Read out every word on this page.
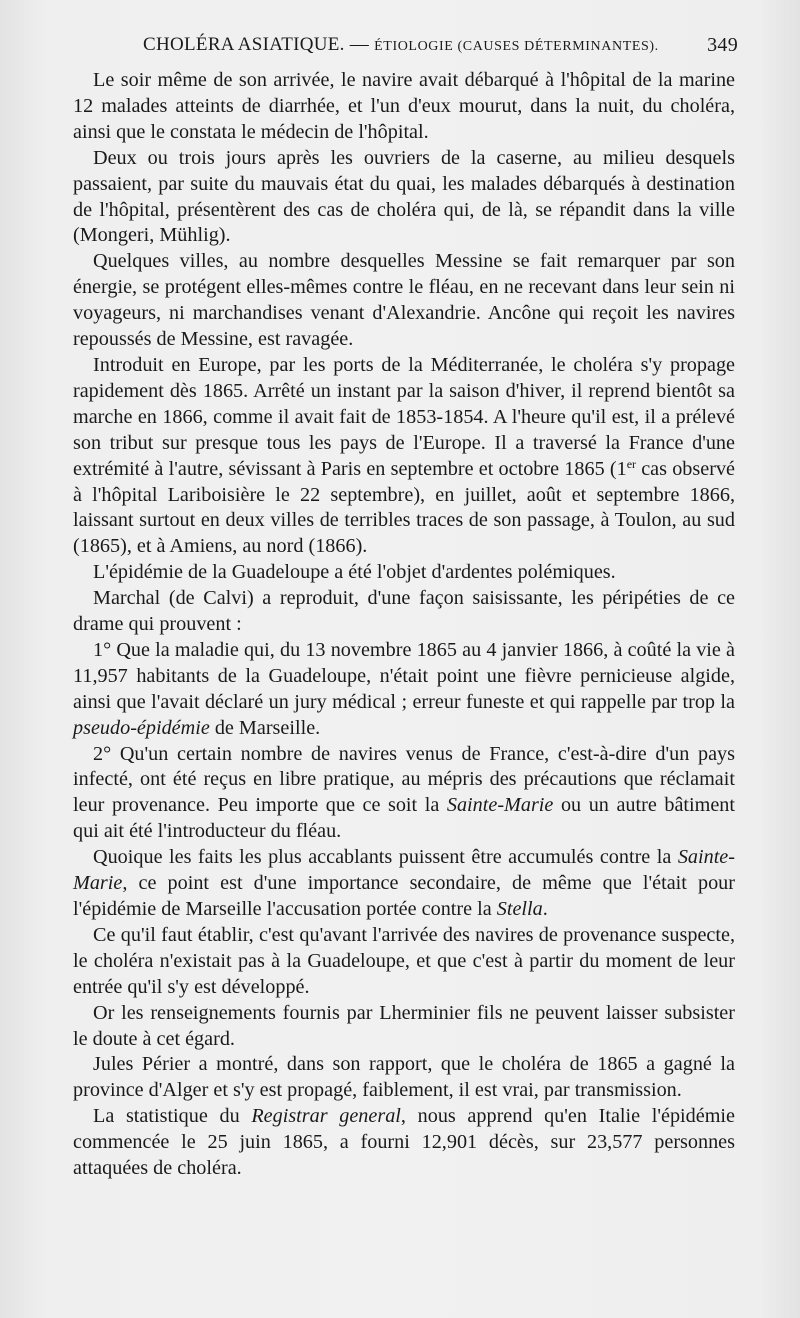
CHOLÉRA ASIATIQUE. — ÉTIOLOGIE (CAUSES DÉTERMINANTES). 349

Le soir même de son arrivée, le navire avait débarqué à l'hôpital de la marine 12 malades atteints de diarrhée, et l'un d'eux mourut, dans la nuit, du choléra, ainsi que le constata le médecin de l'hôpital.

Deux ou trois jours après les ouvriers de la caserne, au milieu desquels passaient, par suite du mauvais état du quai, les malades débarqués à destination de l'hôpital, présentèrent des cas de choléra qui, de là, se répandit dans la ville (Mongeri, Mühlig).

Quelques villes, au nombre desquelles Messine se fait remarquer par son énergie, se protégent elles-mêmes contre le fléau, en ne recevant dans leur sein ni voyageurs, ni marchandises venant d'Alexandrie. Ancône qui reçoit les navires repoussés de Messine, est ravagée.

Introduit en Europe, par les ports de la Méditerranée, le choléra s'y propage rapidement dès 1865. Arrêté un instant par la saison d'hiver, il reprend bientôt sa marche en 1866, comme il avait fait de 1853-1854. A l'heure qu'il est, il a prélevé son tribut sur presque tous les pays de l'Europe. Il a traversé la France d'une extrémité à l'autre, sévissant à Paris en septembre et octobre 1865 (1er cas observé à l'hôpital Lariboisière le 22 septembre), en juillet, août et septembre 1866, laissant surtout en deux villes de terribles traces de son passage, à Toulon, au sud (1865), et à Amiens, au nord (1866).

L'épidémie de la Guadeloupe a été l'objet d'ardentes polémiques.

Marchal (de Calvi) a reproduit, d'une façon saisissante, les péripéties de ce drame qui prouvent :

1° Que la maladie qui, du 13 novembre 1865 au 4 janvier 1866, à coûté la vie à 11,957 habitants de la Guadeloupe, n'était point une fièvre pernicieuse algide, ainsi que l'avait déclaré un jury médical ; erreur funeste et qui rappelle par trop la pseudo-épidémie de Marseille.

2° Qu'un certain nombre de navires venus de France, c'est-à-dire d'un pays infecté, ont été reçus en libre pratique, au mépris des précautions que réclamait leur provenance. Peu importe que ce soit la Sainte-Marie ou un autre bâtiment qui ait été l'introducteur du fléau.

Quoique les faits les plus accablants puissent être accumulés contre la Sainte-Marie, ce point est d'une importance secondaire, de même que l'était pour l'épidémie de Marseille l'accusation portée contre la Stella.

Ce qu'il faut établir, c'est qu'avant l'arrivée des navires de provenance suspecte, le choléra n'existait pas à la Guadeloupe, et que c'est à partir du moment de leur entrée qu'il s'y est développé.

Or les renseignements fournis par Lherminier fils ne peuvent laisser subsister le doute à cet égard.

Jules Périer a montré, dans son rapport, que le choléra de 1865 a gagné la province d'Alger et s'y est propagé, faiblement, il est vrai, par transmission.

La statistique du Registrar general, nous apprend qu'en Italie l'épidémie commencée le 25 juin 1865, a fourni 12,901 décès, sur 23,577 personnes attaquées de choléra.
